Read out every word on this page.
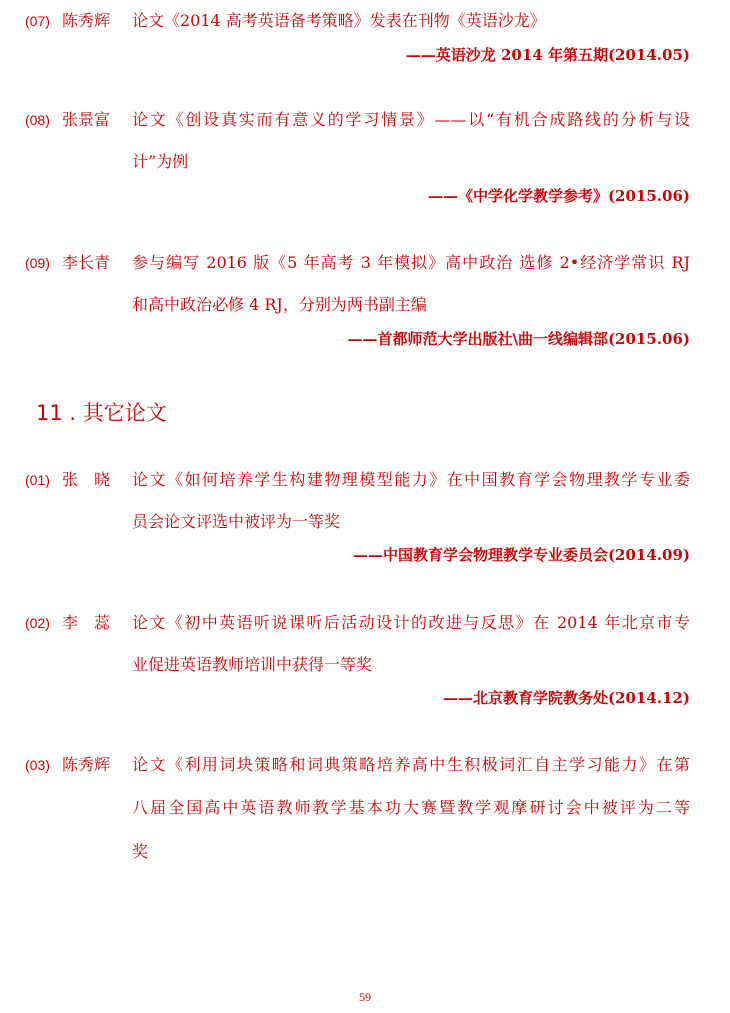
(07) 陈秀辉 论文《2014 高考英语备考策略》发表在刊物《英语沙龙》
——英语沙龙 2014 年第五期(2014.05)
(08) 张景富 论文《创设真实而有意义的学习情景》——以“有机合成路线的分析与设
计”为例
——《中学化学教学参考》(2015.06)
(09) 李长青 参与编写 2016 版《5 年高考 3 年模拟》高中政治 选修 2•经济学常识 RJ
和高中政治必修 4 RJ，分别为两书副主编
——首都师范大学出版社\曲一线编辑部(2015.06)
11 . 其它论文
(01) 张　晓 论文《如何培养学生构建物理模型能力》在中国教育学会物理教学专业委
员会论文评选中被评为一等奖
——中国教育学会物理教学专业委员会(2014.09)
(02) 李　蕊 论文《初中英语听说课听后活动设计的改进与反思》在 2014 年北京市专
业促进英语教师培训中获得一等奖
——北京教育学院教务处(2014.12)
(03) 陈秀辉 论文《利用词块策略和词典策略培养高中生积极词汇自主学习能力》在第
八届全国高中英语教师教学基本功大赛暨教学观摩研讨会中被评为二等
奖
59
